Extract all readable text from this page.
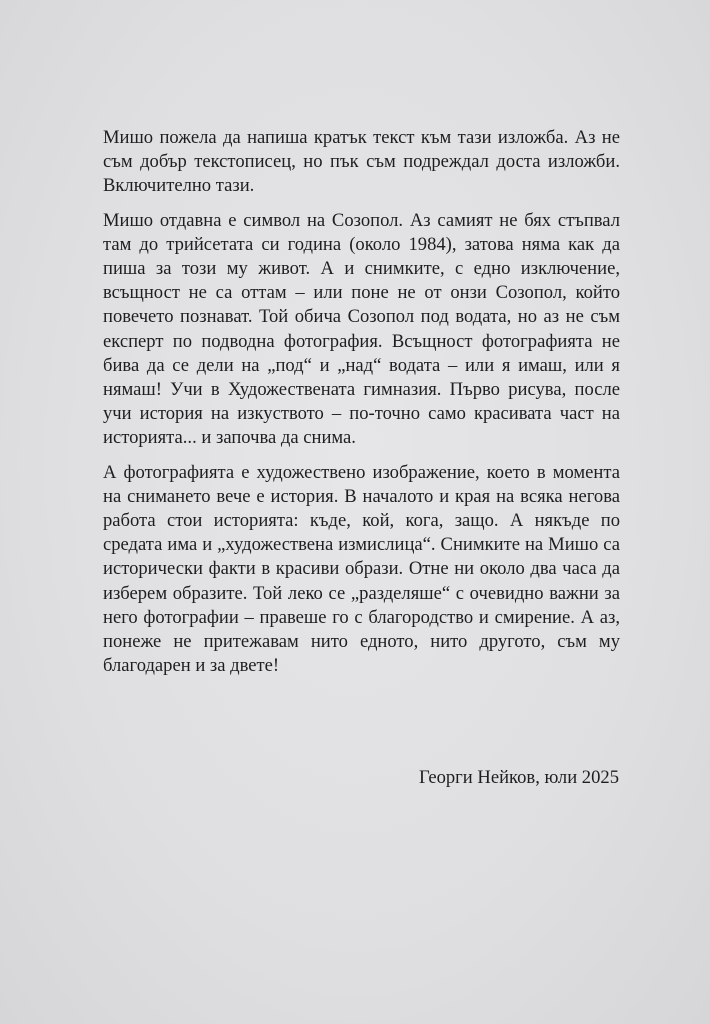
Мишо пожела да напиша кратък текст към тази изложба. Аз не съм добър текстописец, но пък съм подреждал доста изложби. Включително тази.

Мишо отдавна е символ на Созопол. Аз самият не бях стъпвал там до трийсетата си година (около 1984), затова няма как да пиша за този му живот. А и снимките, с едно изключение, всъщност не са оттам – или поне не от онзи Созопол, който повечето познават. Той обича Созопол под водата, но аз не съм експерт по подводна фотография. Всъщност фотографията не бива да се дели на „под“ и „над“ водата – или я имаш, или я нямаш! Учи в Художествената гимназия. Първо рисува, после учи история на изкуството – по-точно само красивата част на историята... и започва да снима.

А фотографията е художествено изображение, което в момента на снимането вече е история. В началото и края на всяка негова работа стои историята: къде, кой, кога, защо. А някъде по средата има и „художествена измислица“. Снимките на Мишо са исторически факти в красиви образи. Отне ни около два часа да изберем образите. Той леко се „разделяше“ с очевидно важни за него фотографии – правеше го с благородство и смирение. А аз, понеже не притежавам нито едното, нито другото, съм му благодарен и за двете!

Георги Нейков, юли 2025
